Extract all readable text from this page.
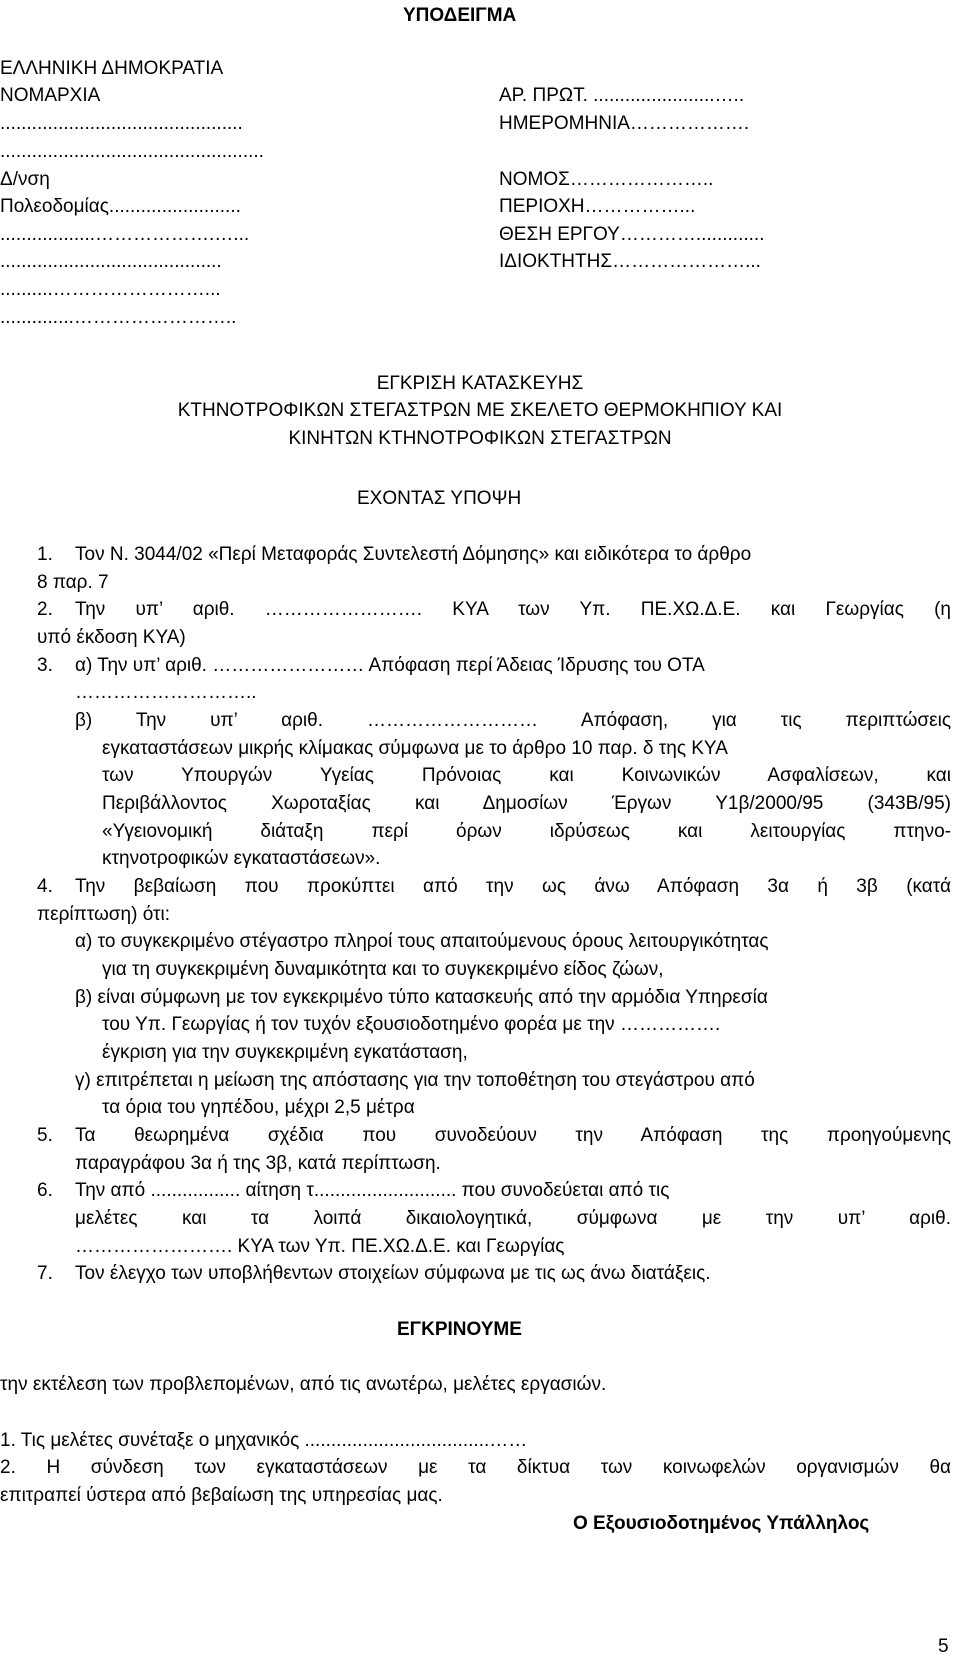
ΥΠΟΔΕΙΓΜΑ
ΕΛΛΗΝΙΚΗ ΔΗΜΟΚΡΑΤΙΑ
ΝΟΜΑΡΧΙΑ
..............................................
..................................................
Δ/νση
Πολεοδομίας.........................
..................……………….…...
..........................................
..........……………………...
..............……………………..
ΑΡ. ΠΡΩΤ. .......................…..
ΗΜΕΡΟΜΗΝΙΑ……………….
ΝΟΜΟΣ…………………..
ΠΕΡΙΟΧΗ……………...
ΘΕΣΗ ΕΡΓΟΥ………….............
ΙΔΙΟΚΤΗΤΗΣ…………………...
ΕΓΚΡΙΣΗ ΚΑΤΑΣΚΕΥΗΣ
ΚΤΗΝΟΤΡΟΦΙΚΩΝ ΣΤΕΓΑΣΤΡΩΝ ΜΕ ΣΚΕΛΕΤΟ ΘΕΡΜΟΚΗΠΙΟΥ ΚΑΙ
ΚΙΝΗΤΩΝ ΚΤΗΝΟΤΡΟΦΙΚΩΝ ΣΤΕΓΑΣΤΡΩΝ
ΕΧΟΝΤΑΣ ΥΠΟΨΗ
1. Τον Ν. 3044/02 «Περί Μεταφοράς Συντελεστή Δόμησης» και ειδικότερα το άρθρο
8 παρ. 7
2. Την υπ’ αριθ. ……………………. ΚΥΑ των Υπ. ΠΕ.ΧΩ.Δ.Ε. και Γεωργίας (η
υπό έκδοση ΚΥΑ)
3. α) Την υπ’ αριθ. …………………… Απόφαση περί Άδειας Ίδρυσης του ΟΤΑ
………………………..
β) Την υπ’ αριθ. ……………………… Απόφαση, για τις περιπτώσεις
εγκαταστάσεων μικρής κλίμακας σύμφωνα με το άρθρο 10 παρ. δ της ΚΥΑ
των Υπουργών Υγείας Πρόνοιας και Κοινωνικών Ασφαλίσεων, και
Περιβάλλοντος Χωροταξίας και Δημοσίων Έργων Υ1β/2000/95 (343Β/95)
«Υγειονομική διάταξη περί όρων ιδρύσεως και λειτουργίας πτηνο-
κτηνοτροφικών εγκαταστάσεων».
4. Την βεβαίωση που προκύπτει από την ως άνω Απόφαση 3α ή 3β (κατά
περίπτωση) ότι:
α) το συγκεκριμένο στέγαστρο πληροί τους απαιτούμενους όρους λειτουργικότητας
για τη συγκεκριμένη δυναμικότητα και το συγκεκριμένο είδος ζώων,
β) είναι σύμφωνη με τον εγκεκριμένο τύπο κατασκευής από την αρμόδια Υπηρεσία
του Υπ. Γεωργίας ή τον τυχόν εξουσιοδοτημένο φορέα με την …………….
έγκριση για την συγκεκριμένη εγκατάσταση,
γ) επιτρέπεται η μείωση της απόστασης για την τοποθέτηση του στεγάστρου από
τα όρια του γηπέδου, μέχρι 2,5 μέτρα
5. Τα θεωρημένα σχέδια που συνοδεύουν την Απόφαση της προηγούμενης
παραγράφου 3α ή της 3β, κατά περίπτωση.
6. Την από ................. αίτηση τ........................... που συνοδεύεται από τις
μελέτες και τα λοιπά δικαιολογητικά, σύμφωνα με την υπ’ αριθ.
……………………. ΚΥΑ των Υπ. ΠΕ.ΧΩ.Δ.Ε. και Γεωργίας
7. Τον έλεγχο των υποβλήθεντων στοιχείων σύμφωνα με τις ως άνω διατάξεις.
ΕΓΚΡΙΝΟΥΜΕ
την εκτέλεση των προβλεπομένων, από τις ανωτέρω, μελέτες εργασιών.
1. Τις μελέτες συνέταξε ο μηχανικός ...................................……
2. Η σύνδεση των εγκαταστάσεων με τα δίκτυα των κοινωφελών οργανισμών θα
επιτραπεί ύστερα από βεβαίωση της υπηρεσίας μας.
Ο Εξουσιοδοτημένος Υπάλληλος
5
